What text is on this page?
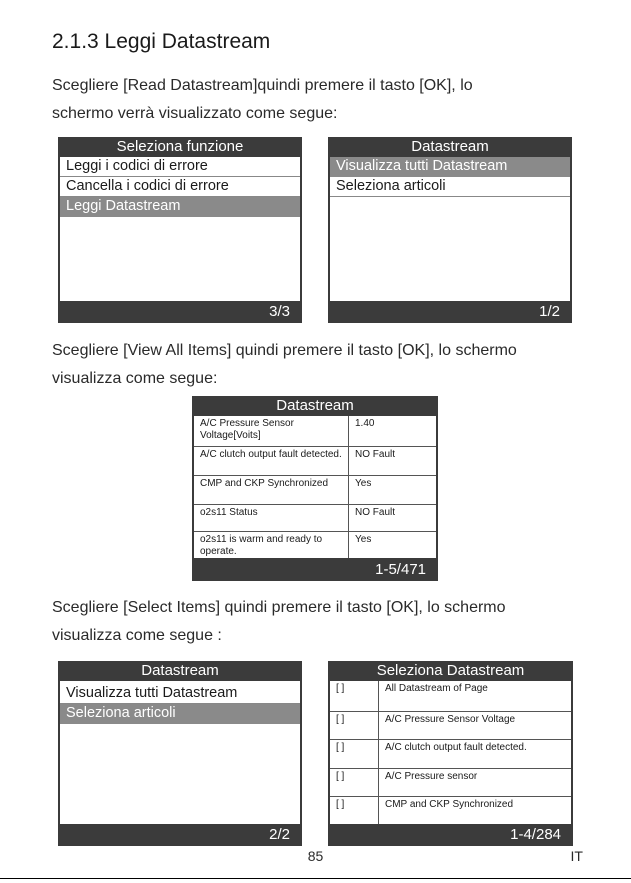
2.1.3 Leggi Datastream
Scegliere [Read Datastream]quindi premere il tasto [OK], lo
schermo verrà visualizzato come segue:
Seleziona funzione
Leggi i codici di errore
Cancella i codici di errore
Leggi Datastream
3/3
Datastream
Visualizza tutti Datastream
Seleziona articoli
1/2
Scegliere [View All Items] quindi premere il tasto [OK], lo schermo
visualizza come segue:
Datastream
A/C Pressure Sensor Voltage[Voits]	1.40
A/C clutch output fault detected.	NO Fault
CMP and CKP Synchronized	Yes
o2s11 Status	NO Fault
o2s11 is warm and ready to operate.	Yes
1-5/471
Scegliere [Select Items] quindi premere il tasto [OK], lo schermo
visualizza come segue :
Datastream
Visualizza tutti Datastream
Seleziona articoli
2/2
Seleziona Datastream
[ ]	All Datastream of Page
[ ]	A/C Pressure Sensor Voltage
[ ]	A/C clutch output fault detected.
[ ]	A/C Pressure sensor
[ ]	CMP and CKP Synchronized
1-4/284
85	IT
